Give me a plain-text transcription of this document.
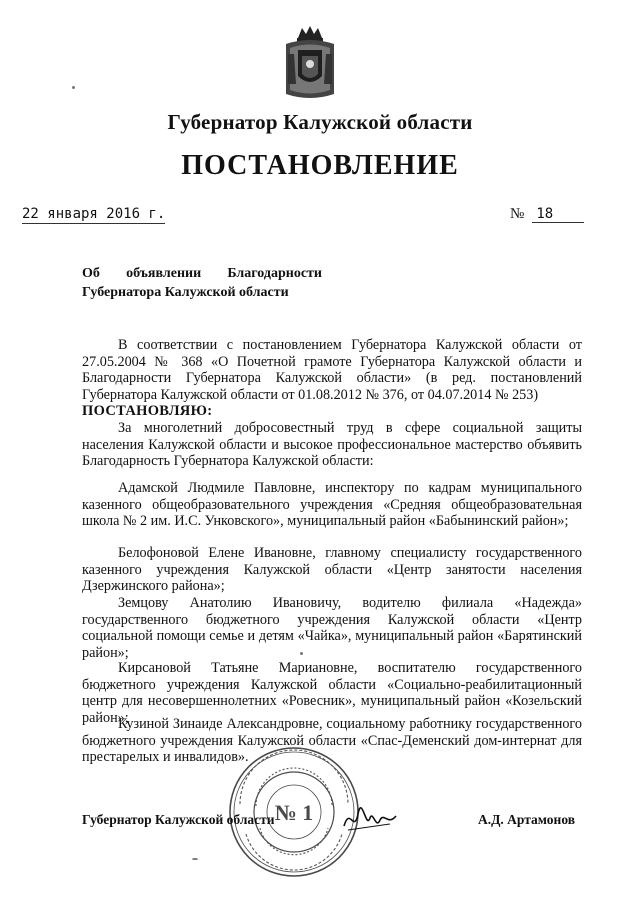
Губернатор Калужской области
ПОСТАНОВЛЕНИЕ
22 января 2016 г.	№ 18
Об объявлении Благодарности
Губернатора Калужской области
В соответствии с постановлением Губернатора Калужской области от 27.05.2004 № 368 «О Почетной грамоте Губернатора Калужской области и Благодарности Губернатора Калужской области» (в ред. постановлений Губернатора Калужской области от 01.08.2012 № 376, от 04.07.2014 № 253)
ПОСТАНОВЛЯЮ:
За многолетний добросовестный труд в сфере социальной защиты населения Калужской области и высокое профессиональное мастерство объявить Благодарность Губернатора Калужской области:
Адамской Людмиле Павловне, инспектору по кадрам муниципального казенного общеобразовательного учреждения «Средняя общеобразовательная школа № 2 им. И.С. Унковского», муниципальный район «Бабынинский район»;
Белофоновой Елене Ивановне, главному специалисту государственного казенного учреждения Калужской области «Центр занятости населения Дзержинского района»;
Земцову Анатолию Ивановичу, водителю филиала «Надежда» государственного бюджетного учреждения Калужской области «Центр социальной помощи семье и детям «Чайка», муниципальный район «Барятинский район»;
Кирсановой Татьяне Мариановне, воспитателю государственного бюджетного учреждения Калужской области «Социально-реабилитационный центр для несовершеннолетних «Ровесник», муниципальный район «Козельский район»;
Кузиной Зинаиде Александровне, социальному работнику государственного бюджетного учреждения Калужской области «Спас-Деменский дом-интернат для престарелых и инвалидов».
№ 1
Губернатор Калужской области	А.Д. Артамонов
